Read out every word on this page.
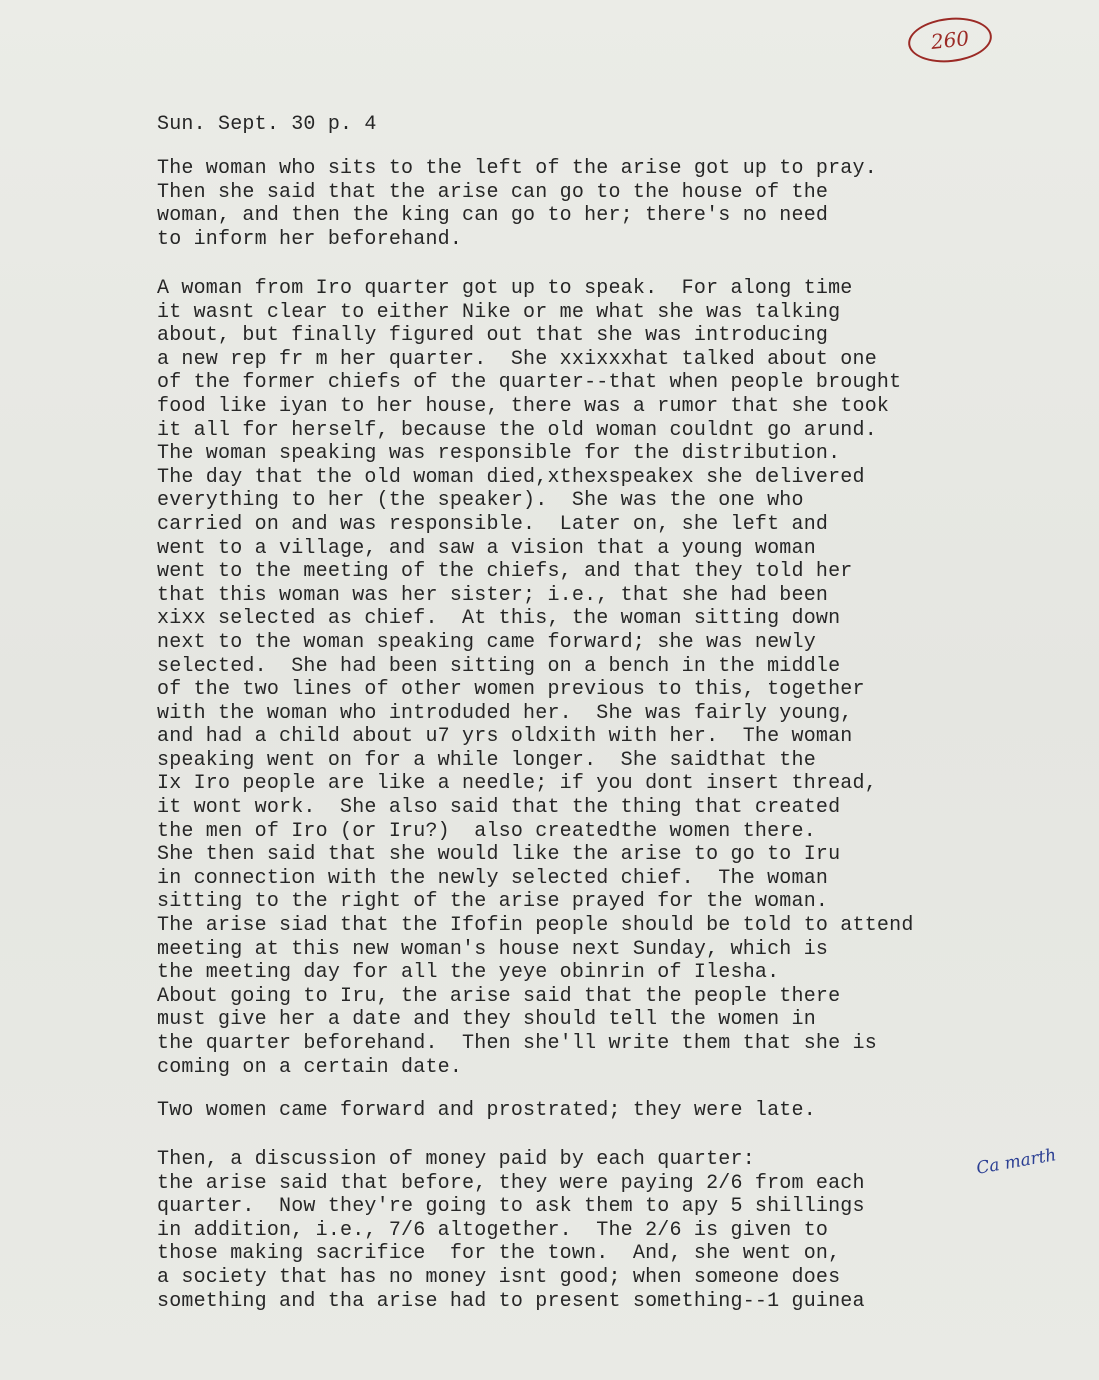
260
Sun. Sept. 30 p. 4
The woman who sits to the left of the arise got up to pray.
Then she said that the arise can go to the house of the
woman, and then the king can go to her; there's no need
to inform her beforehand.
A woman from Iro quarter got up to speak.  For along time
it wasnt clear to either Nike or me what she was talking
about, but finally figured out that she was introducing
a new rep fr m her quarter.  She xxixxxhat talked about one
of the former chiefs of the quarter--that when people brought
food like iyan to her house, there was a rumor that she took
it all for herself, because the old woman couldnt go arund.
The woman speaking was responsible for the distribution.
The day that the old woman died,xthexspeakex she delivered
everything to her (the speaker).  She was the one who
carried on and was responsible.  Later on, she left and
went to a village, and saw a vision that a young woman
went to the meeting of the chiefs, and that they told her
that this woman was her sister; i.e., that she had been
xixx selected as chief.  At this, the woman sitting down
next to the woman speaking came forward; she was newly
selected.  She had been sitting on a bench in the middle
of the two lines of other women previous to this, together
with the woman who introduded her.  She was fairly young,
and had a child about u7 yrs oldxith with her.  The woman
speaking went on for a while longer.  She saidthat the
Ix Iro people are like a needle; if you dont insert thread,
it wont work.  She also said that the thing that created
the men of Iro (or Iru?)  also createdthe women there.
She then said that she would like the arise to go to Iru
in connection with the newly selected chief.  The woman
sitting to the right of the arise prayed for the woman.
The arise siad that the Ifofin people should be told to attend
meeting at this new woman's house next Sunday, which is
the meeting day for all the yeye obinrin of Ilesha.
About going to Iru, the arise said that the people there
must give her a date and they should tell the women in
the quarter beforehand.  Then she'll write them that she is
coming on a certain date.
Two women came forward and prostrated; they were late.
Then, a discussion of money paid by each quarter:
the arise said that before, they were paying 2/6 from each
quarter.  Now they're going to ask them to apy 5 shillings
in addition, i.e., 7/6 altogether.  The 2/6 is given to
those making sacrifice  for the town.  And, she went on,
a society that has no money isnt good; when someone does
something and tha arise had to present something--1 guinea
Ca marth
